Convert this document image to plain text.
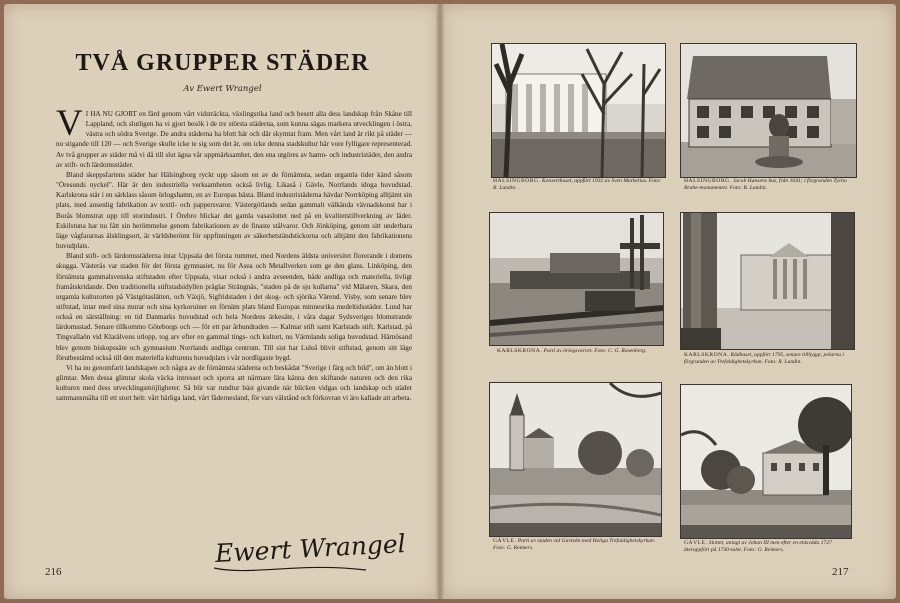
TVÅ GRUPPER STÄDER
Av Ewert Wrangel

V I HA NU GJORT en färd genom vårt vidsträckta, växlingsrika land och besett alla dess landskap från Skåne till Lappland, och slutligen ha vi gjort besök i de tre största städerna, som kunna sägas markera utvecklingen i östra, västra och södra Sverige. De andra städerna ha blott här och där skymtat fram. Men vårt land är rikt på städer — nu stigande till 120 — och Sverige skulle icke te sig som det är, om icke denna stadskultur här vore fylligare representerad. Av två grupper av städer må vi då till slut ägna vår uppmärksamhet, den ena utgöres av hamn- och industristäder, den andra av stift- och lärdomsstäder.

Bland skeppsfartens städer har Hälsingborg ryckt upp såsom en av de förnämsta, sedan urgamla tider känd såsom "Öresunds nyckel". Här är den industriella verksamheten också livlig. Likaså i Gävle, Norrlands idoga huvudstad. Karlskrona står i en särklass såsom örlogshamn, en av Europas bästa. Bland industristäderna hävdar Norrköping alltjämt sin plats, med ansenlig fabrikation av textil- och pappersvaror. Västergötlands sedan gammalt välkända vävnadskonst har i Borås blomstrat upp till storindustri. I Örebro blickar det gamla vasaslottet ned på en kvalitetstillverkning av läder. Eskilstuna har nu fått sin berömmelse genom fabrikationen av de finaste stålvaror. Och Jönköping, genom sitt underbara läge vågfararnas älsklingsort, är världsberömt för uppfinningen av säkerhetständstickorna och alltjämt den fabrikationens huvudplats.

Bland stift- och lärdomsstäderna intar Uppsala det första rummet, med Nordens äldsta universitet florerande i domens skugga. Västerås var staden för det första gymnasiet, nu för Asea och Metallverken som ge den glans. Linköping, den förnämsta gammalsvenska stiftstaden efter Uppsala, visar också i andra avseenden, både andliga och materiella, livligt framåtskridande. Den traditionella stiftstadsidyllen präglar Strängnäs, "staden på de sju kullarna" vid Mälaren, Skara, den urgamla kulturorten på Västgötaslätten, och Växjö, Sigfridstaden i det skog- och sjörika Värend. Visby, som senare blev stiftstad, intar med sina murar och sina kyrkoruiner en förnäm plats bland Europas minnesrika medeltidsstäder. Lund har också en särställning: en tid Danmarks huvudstad och hela Nordens ärkesäte, i våra dagar Sydsveriges blomstrande lärdomsstad. Senare tillkommo Göteborgs och — för ett par århundraden — Kalmar stift samt Karlstads stift. Karlstad, på Tingvallaön vid Klarälvens utlopp, tog arv efter en gammal tings- och kultort, nu Värmlands soliga huvudstad. Härnösand blev genom biskopssäte och gymnasium Norrlands andliga centrum. Till sist har Luleå blivit stiftstad, genom sitt läge förutbestämd också till den materiella kulturens huvudplats i vår nordligaste bygd.

Vi ha nu genomfarit landskapen och några av de förnämsta städerna och beskådat "Sverige i färg och bild", om än blott i glimtar. Men dessa glimtar skola väcka intresset och sporra att närmare lära känna den skiftande naturen och den rika kulturen med dess utvecklingsmöjligheter. Så blir var rundtur bäst givande när blicken vidgas och landskap och städer sammansmälta till ett stort helt: vårt härliga land, vårt fädernesland, för vars välstånd och förkovran vi äro kallade att arbeta.

Ewert Wrangel
216
HÄLSINGBORG. Konserthuset, uppfört 1932 av Sven Markelius. Foto: R. Lundin.
HÄLSINGBORG. Jacob Hansens hus, från 1641; i förgrunden Tycho Brahe-monumentet. Foto: R. Lundin.
KARLSKRONA. Parti av örlogsvarvet. Foto: C. G. Rosenberg.
KARLSKRONA. Rådhuset, uppfört 1795, senare tillbyggt, pelarna i förgrunden av Trefaldighetskyrkan. Foto: R. Lundin.
GÄVLE. Parti av staden vid Gavleån med Heliga Trefaldighetskyrkan. Foto: G. Reimers.
GÄVLE. Slottet, anlagt av Johan III men efter en eldsvåda 1727 återuppfört på 1730-talet. Foto: G. Reimers.
217
